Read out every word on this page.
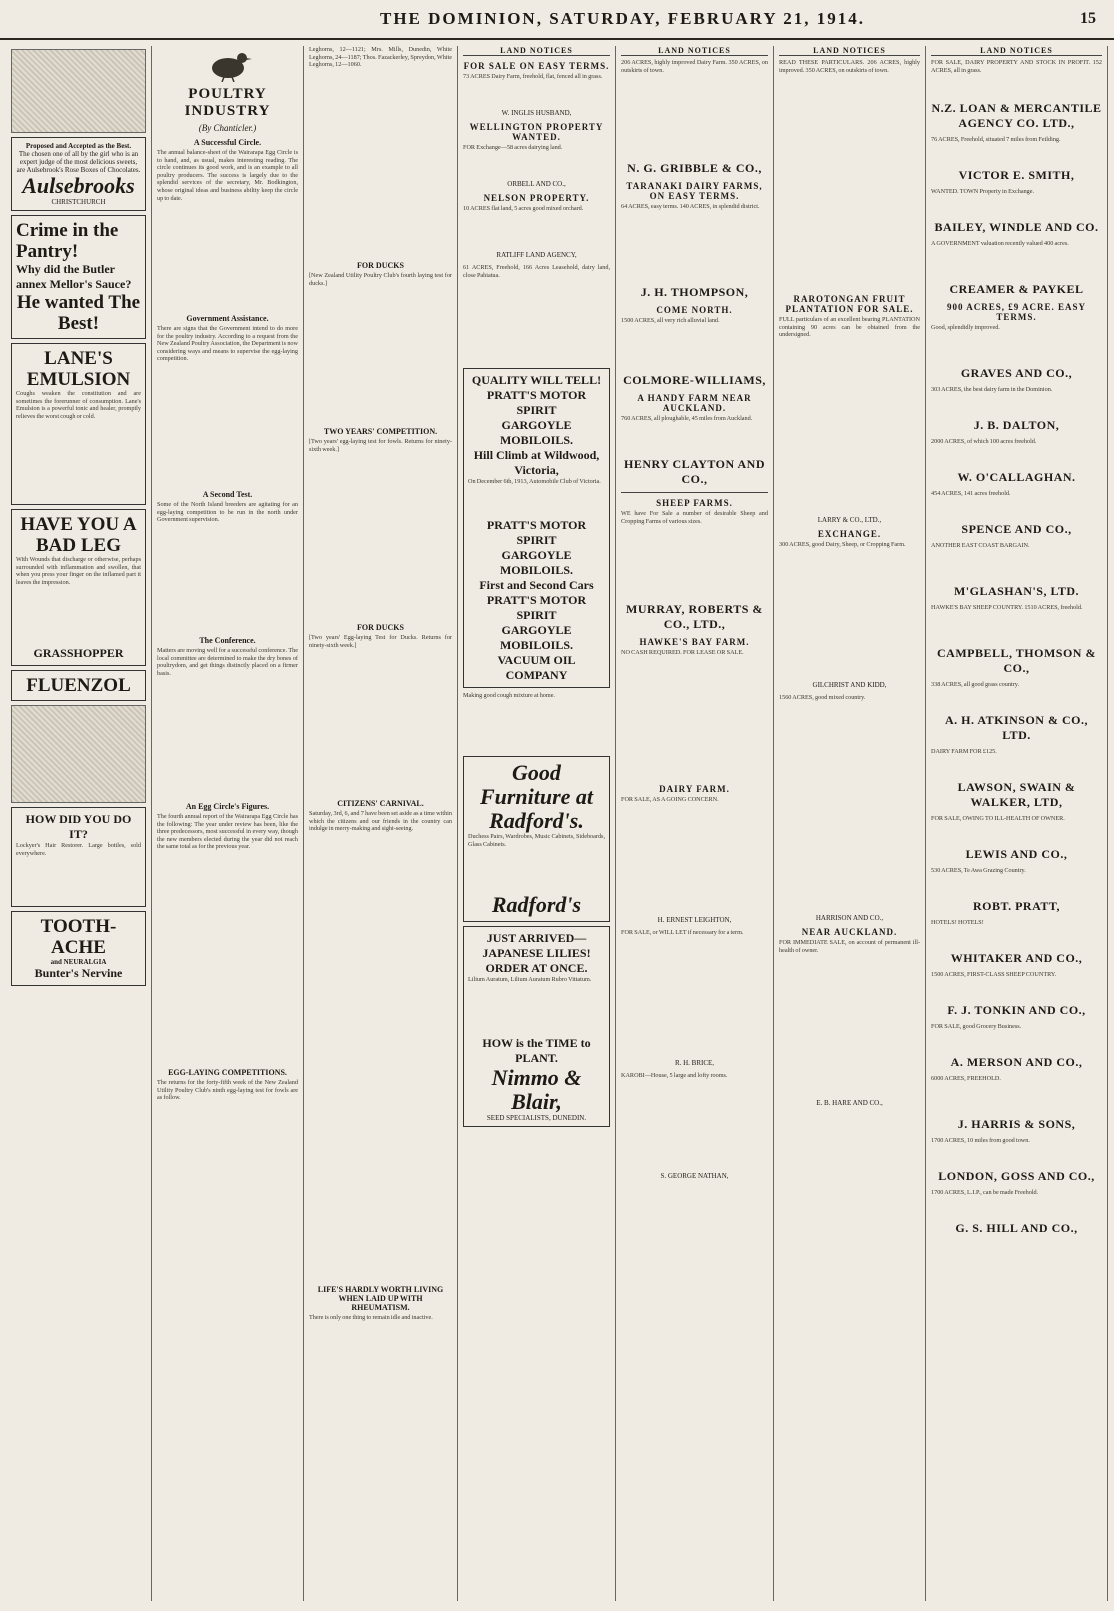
THE DOMINION, SATURDAY, FEBRUARY 21, 1914.	15
Proposed and Accepted as the Best.
The chosen one of all by the girl who is an expert judge of the most delicious sweets, are Aulsebrook's Rose Boxes of Chocolates.
Aulsebrooks
CHRISTCHURCH
Crime in the Pantry!
Why did the Butler annex Mellor's Sauce?
He wanted The Best!
LANE'S EMULSION
Coughs weaken the constitution and are sometimes the forerunner of consumption. Lane's Emulsion is a powerful tonic and healer, promptly relieves the worst cough or cold.
HAVE YOU A BAD LEG
With Wounds that discharge or otherwise, perhaps surrounded with inflammation and swollen, that when you press your finger on the inflamed part it leaves the impression.
GRASSHOPPER
FLUENZOL
HOW DID YOU DO IT?
Lockyer's Hair Restorer. Large bottles, sold everywhere.
TOOTH-ACHE
and NEURALGIA
Bunter's Nervine
POULTRY INDUSTRY
(By Chanticler.)
A Successful Circle.
The annual balance-sheet of the Wairarapa Egg Circle is to hand, and, as usual, makes interesting reading. The circle continues its good work, and is an example to all poultry producers. The success is largely due to the splendid services of the secretary, Mr. Bodkington, whose original ideas and business ability keep the circle up to date.
Government Assistance.
There are signs that the Government intend to do more for the poultry industry. According to a request from the New Zealand Poultry Association, the Department is now considering ways and means to supervise the egg-laying competition.
A Second Test.
Some of the North Island breeders are agitating for an egg-laying competition to be run in the north under Government supervision.
The Conference.
Matters are moving well for a successful conference. The local committee are determined to make the dry bones of poultrydom, and get things distinctly placed on a firmer basis.
An Egg Circle's Figures.
The fourth annual report of the Wairarapa Egg Circle has the following: The year under review has been, like the three predecessors, most successful in every way, though the new members elected during the year did not reach the same total as for the previous year.
EGG-LAYING COMPETITIONS.
The returns for the forty-fifth week of the New Zealand Utility Poultry Club's ninth egg-laying test for fowls are as follow.
Leghorns, 12—1121; Mrs. Mills, Dunedin, White Leghorns, 24—1187; Thos. Fazackerley, Spreydon, White Leghorns, 12—1060.
FOR DUCKS
[New Zealand Utility Poultry Club's fourth laying test for ducks.]
TWO YEARS' COMPETITION.
[Two years' egg-laying test for fowls. Returns for ninety-sixth week.]
FOR DUCKS
[Two years' Egg-laying Test for Ducks. Returns for ninety-sixth week.]
CITIZENS' CARNIVAL.
Saturday, 3rd, 6, and 7 have been set aside as a time within which the citizens and our friends in the country can indulge in merry-making and sight-seeing.
LIFE'S HARDLY WORTH LIVING WHEN LAID UP WITH RHEUMATISM.
There is only one thing to remain idle and inactive.
LAND NOTICES
FOR SALE ON EASY TERMS.
73 ACRES Dairy Farm, freehold, flat, fenced all in grass.
W. INGLIS HUSBAND,
WELLINGTON PROPERTY WANTED.
FOR Exchange—58 acres dairying land.
ORBELL AND CO.,
NELSON PROPERTY.
10 ACRES flat land, 5 acres good mixed orchard.
RATLIFF LAND AGENCY,
61 ACRES, Freehold, 166 Acres Leasehold, dairy land, close Pahiatua.
QUALITY WILL TELL!
PRATT'S MOTOR SPIRIT
GARGOYLE MOBILOILS.
Hill Climb at Wildwood, Victoria,
On December 6th, 1913, Automobile Club of Victoria.
PRATT'S MOTOR SPIRIT
GARGOYLE MOBILOILS.
First and Second Cars
PRATT'S MOTOR SPIRIT
GARGOYLE MOBILOILS.
VACUUM OIL COMPANY
Making good cough mixture at home.
Good Furniture at Radford's.
Duchess Pairs, Wardrobes, Music Cabinets, Sideboards, Glass Cabinets.
Radford's
JUST ARRIVED— JAPANESE LILIES!
ORDER AT ONCE.
Lilium Auratum, Lilium Auratum Rubro Vittatum.
HOW is the TIME to PLANT.
Nimmo & Blair,
SEED SPECIALISTS, DUNEDIN.
LAND NOTICES
206 ACRES, highly improved Dairy Farm. 350 ACRES, on outskirts of town.
N. G. GRIBBLE & CO.,
TARANAKI DAIRY FARMS, ON EASY TERMS.
64 ACRES, easy terms. 140 ACRES, in splendid district.
J. H. THOMPSON,
COME NORTH.
1500 ACRES, all very rich alluvial land.
COLMORE-WILLIAMS,
A HANDY FARM NEAR AUCKLAND.
760 ACRES, all ploughable, 45 miles from Auckland.
HENRY CLAYTON AND CO.,
SHEEP FARMS.
WE have For Sale a number of desirable Sheep and Cropping Farms of various sizes.
MURRAY, ROBERTS & CO., LTD.,
HAWKE'S BAY FARM.
NO CASH REQUIRED. FOR LEASE OR SALE.
DAIRY FARM.
FOR SALE, AS A GOING CONCERN.
H. ERNEST LEIGHTON,
FOR SALE, or WILL LET if necessary for a term.
R. H. BRICE,
KAROBI—House, 5 large and lofty rooms.
S. GEORGE NATHAN,
LAND NOTICES
READ THESE PARTICULARS. 206 ACRES, highly improved. 350 ACRES, on outskirts of town.
RAROTONGAN FRUIT PLANTATION FOR SALE.
FULL particulars of an excellent bearing PLANTATION containing 90 acres can be obtained from the undersigned.
LARRY & CO., LTD.,
EXCHANGE.
300 ACRES, good Dairy, Sheep, or Cropping Farm.
GILCHRIST AND KIDD,
1560 ACRES, good mixed country.
HARRISON AND CO.,
NEAR AUCKLAND.
FOR IMMEDIATE SALE, on account of permanent ill-health of owner.
E. B. HARE AND CO.,
LAND NOTICES
FOR SALE, DAIRY PROPERTY AND STOCK IN PROFIT. 152 ACRES, all in grass.
N.Z. LOAN & MERCANTILE AGENCY CO. LTD.,
76 ACRES, Freehold, situated 7 miles from Feilding.
VICTOR E. SMITH,
WANTED. TOWN Property in Exchange.
BAILEY, WINDLE AND CO.
A GOVERNMENT valuation recently valued 400 acres.
CREAMER & PAYKEL
900 ACRES, £9 ACRE. EASY TERMS.
Good, splendidly improved.
GRAVES AND CO.,
303 ACRES, the best dairy farm in the Dominion.
J. B. DALTON,
2000 ACRES, of which 100 acres freehold.
W. O'CALLAGHAN.
454 ACRES, 141 acres freehold.
SPENCE AND CO.,
ANOTHER EAST COAST BARGAIN.
M'GLASHAN'S, LTD.
HAWKE'S BAY SHEEP COUNTRY. 1510 ACRES, freehold.
CAMPBELL, THOMSON & CO.,
338 ACRES, all good grass country.
A. H. ATKINSON & CO., LTD.
DAIRY FARM FOR £125.
LAWSON, SWAIN & WALKER, LTD,
FOR SALE, OWING TO ILL-HEALTH OF OWNER.
LEWIS AND CO.,
530 ACRES, Te Awa Grazing Country.
ROBT. PRATT,
HOTELS! HOTELS!
WHITAKER AND CO.,
1500 ACRES, FIRST-CLASS SHEEP COUNTRY.
F. J. TONKIN AND CO.,
FOR SALE, good Grocery Business.
A. MERSON AND CO.,
6000 ACRES, FREEHOLD.
J. HARRIS & SONS,
1700 ACRES, 10 miles from good town.
LONDON, GOSS AND CO.,
1700 ACRES, L.I.P., can be made Freehold.
G. S. HILL AND CO.,
